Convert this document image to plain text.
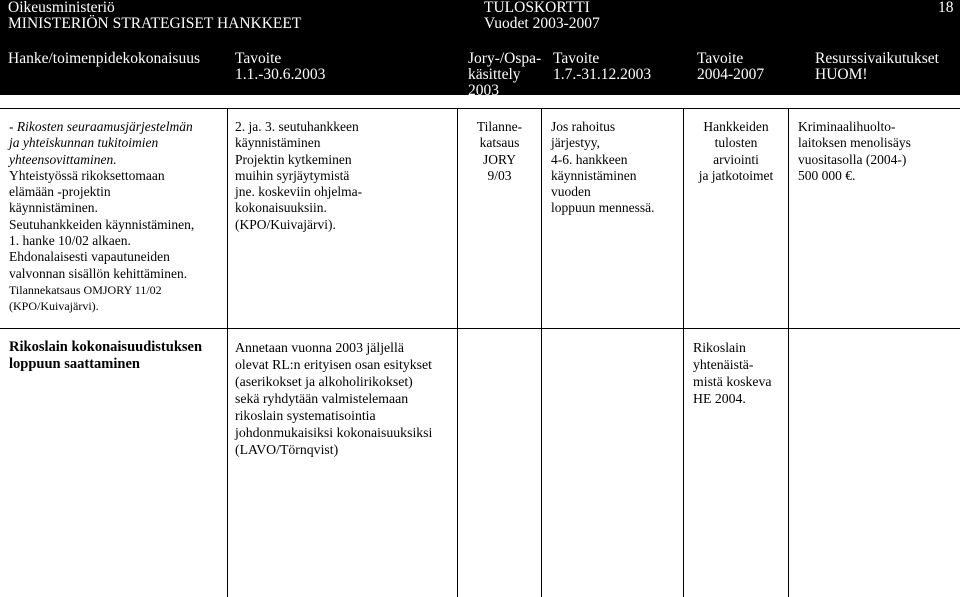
Oikeusministeriö
MINISTERIÖN STRATEGISET HANKKEET
TULOSKORTTI
Vuodet 2003-2007
18
Hanke/toimenpidekokonaisuus Tavoite
1.1.-30.6.2003
Jory-/Ospa-
käsittely
2003
Tavoite
1.7.-31.12.2003
Tavoite
2004-2007
Resurssivaikutukset
HUOM!
- Rikosten seuraamusjärjestelmän
ja yhteiskunnan tukitoimien
yhteensovittaminen.
Yhteistyössä rikoksettomaan
elämään -projektin
käynnistäminen.
Seutuhankkeiden käynnistäminen,
1. hanke 10/02 alkaen.
Ehdonalaisesti vapautuneiden
valvonnan sisällön kehittäminen.
Tilannekatsaus OMJORY 11/02
(KPO/Kuivajärvi).
2. ja. 3. seutuhankkeen
käynnistäminen
Projektin kytkeminen
muihin syrjäytymistä
jne. koskeviin ohjelma-
kokonaisuuksiin.
(KPO/Kuivajärvi).
Tilanne-
katsaus
JORY
9/03
Jos rahoitus
järjestyy,
4-6. hankkeen
käynnistäminen
vuoden
loppuun mennessä.
Hankkeiden
tulosten
arviointi
ja jatkotoimet
Kriminaalihuolto-
laitoksen menolisäys
vuositasolla (2004-)
500 000 €.
Rikoslain kokonaisuudistuksen
loppuun saattaminen
Annetaan vuonna 2003 jäljellä
olevat RL:n erityisen osan esitykset
(aserikokset ja alkoholirikokset)
sekä ryhdytään valmistelemaan
rikoslain systematisointia
johdonmukaisiksi kokonaisuuksiksi
(LAVO/Törnqvist)
Rikoslain
yhtenäistä-
mistä koskeva
HE 2004.
